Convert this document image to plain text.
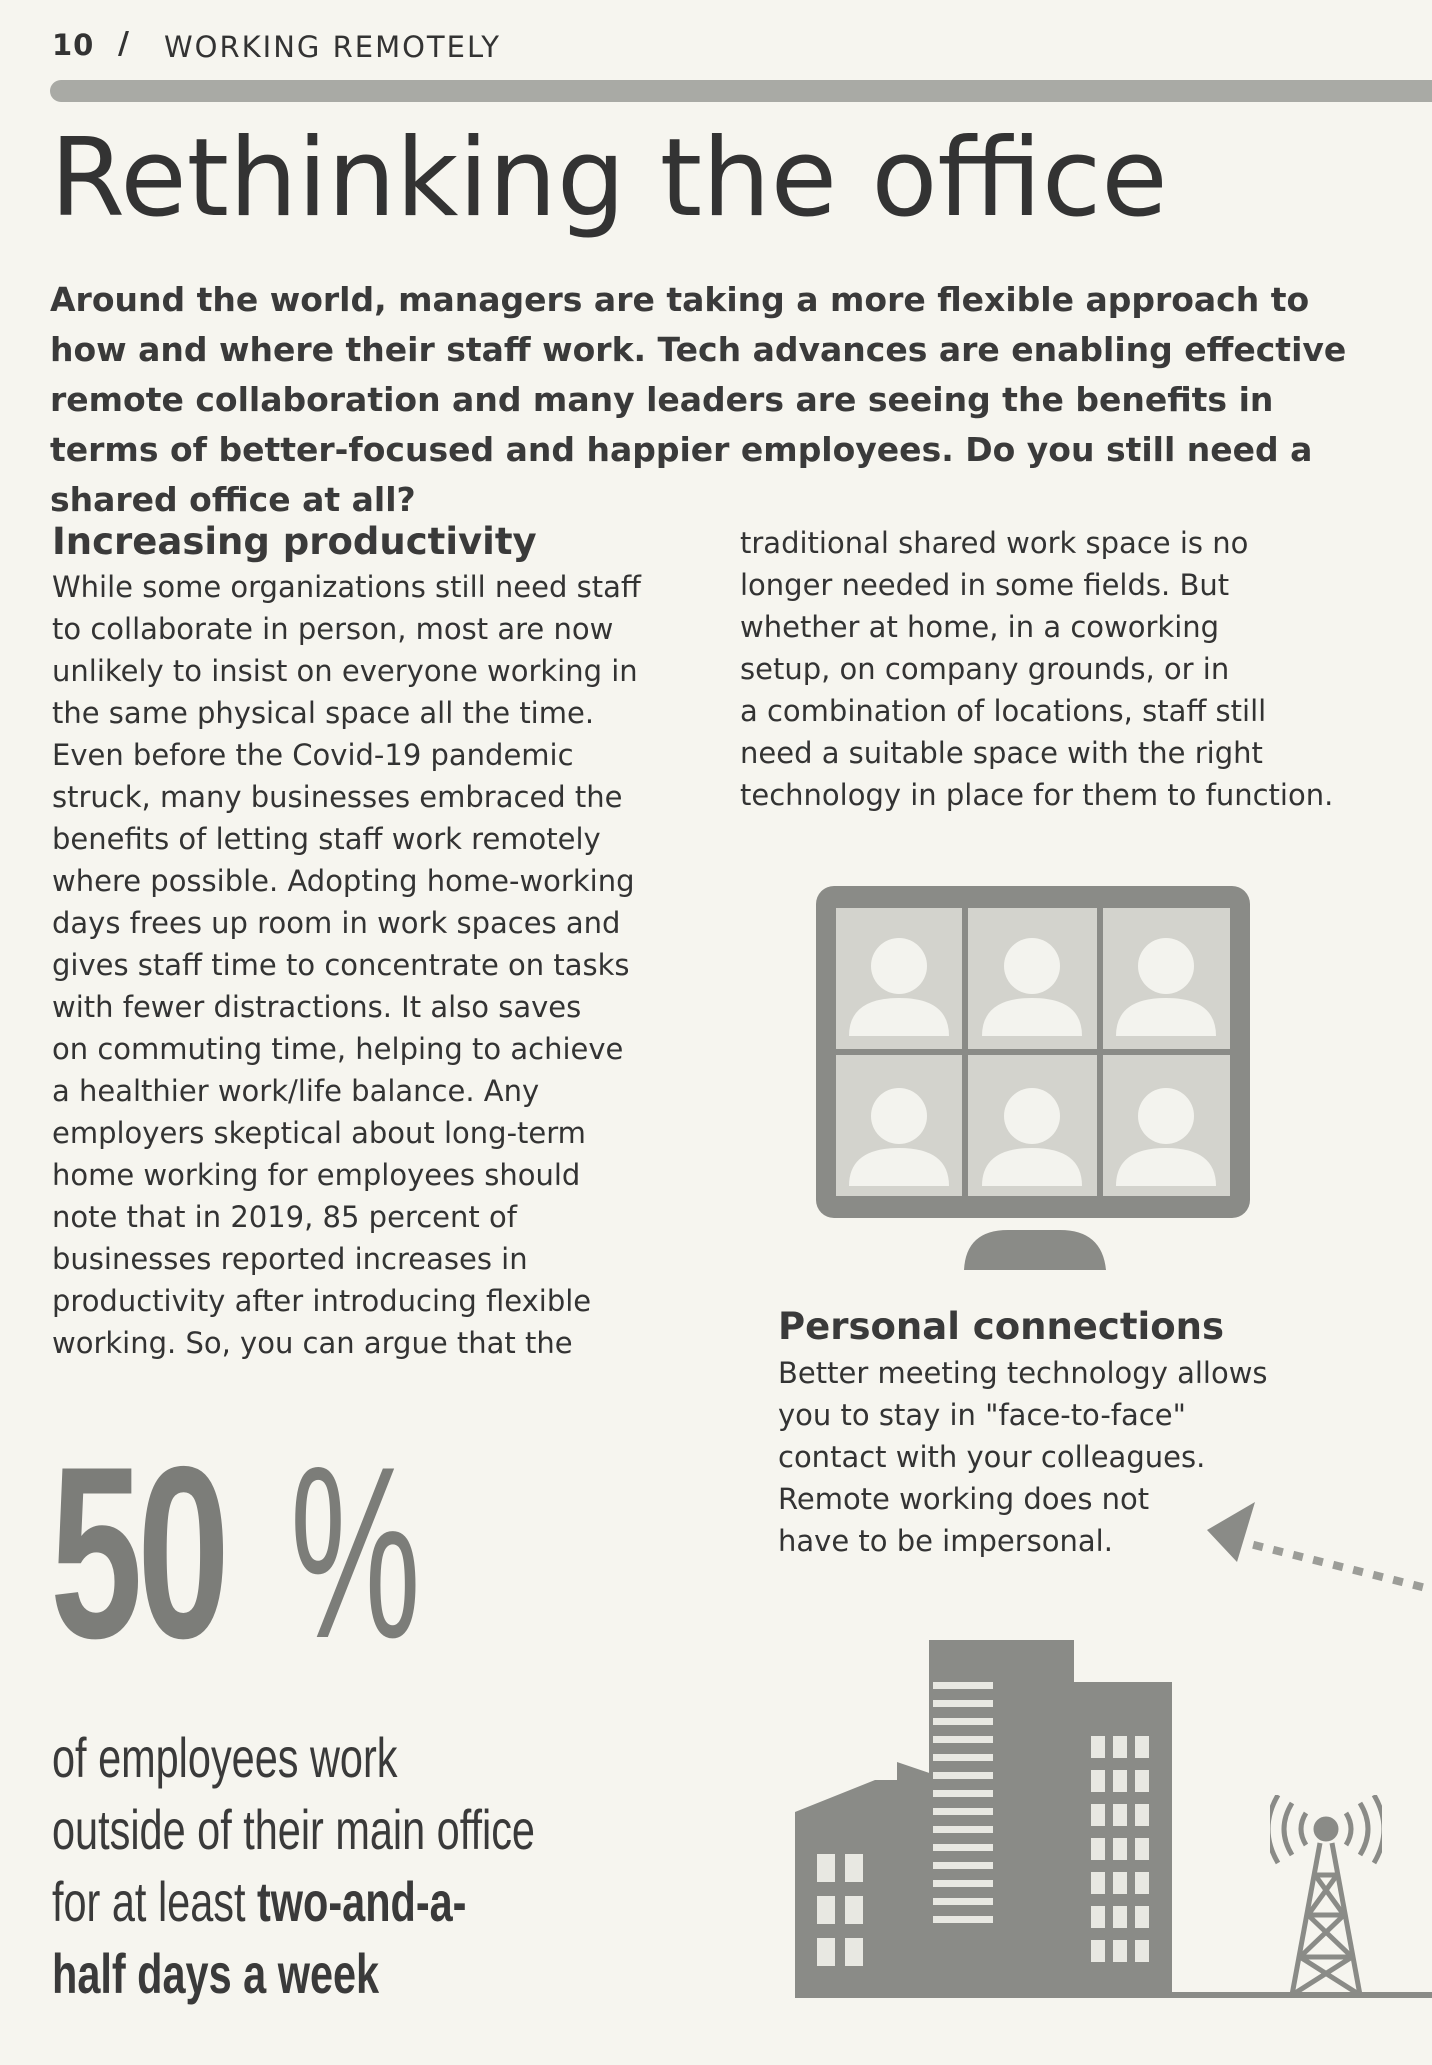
10 / WORKING REMOTELY
Rethinking the office
Around the world, managers are taking a more flexible approach to how and where their staff work. Tech advances are enabling effective remote collaboration and many leaders are seeing the benefits in terms of better-focused and happier employees. Do you still need a shared office at all?
Increasing productivity
While some organizations still need staff
to collaborate in person, most are now
unlikely to insist on everyone working in
the same physical space all the time.
Even before the Covid-19 pandemic
struck, many businesses embraced the
benefits of letting staff work remotely
where possible. Adopting home-working
days frees up room in work spaces and
gives staff time to concentrate on tasks
with fewer distractions. It also saves
on commuting time, helping to achieve
a healthier work/life balance. Any
employers skeptical about long-term
home working for employees should
note that in 2019, 85 percent of
businesses reported increases in
productivity after introducing flexible
working. So, you can argue that the
traditional shared work space is no
longer needed in some fields. But
whether at home, in a coworking
setup, on company grounds, or in
a combination of locations, staff still
need a suitable space with the right
technology in place for them to function.
Personal connections
Better meeting technology allows
you to stay in "face-to-face"
contact with your colleagues.
Remote working does not
have to be impersonal.
50 %
of employees work
outside of their main office
for at least two-and-a-
half days a week
